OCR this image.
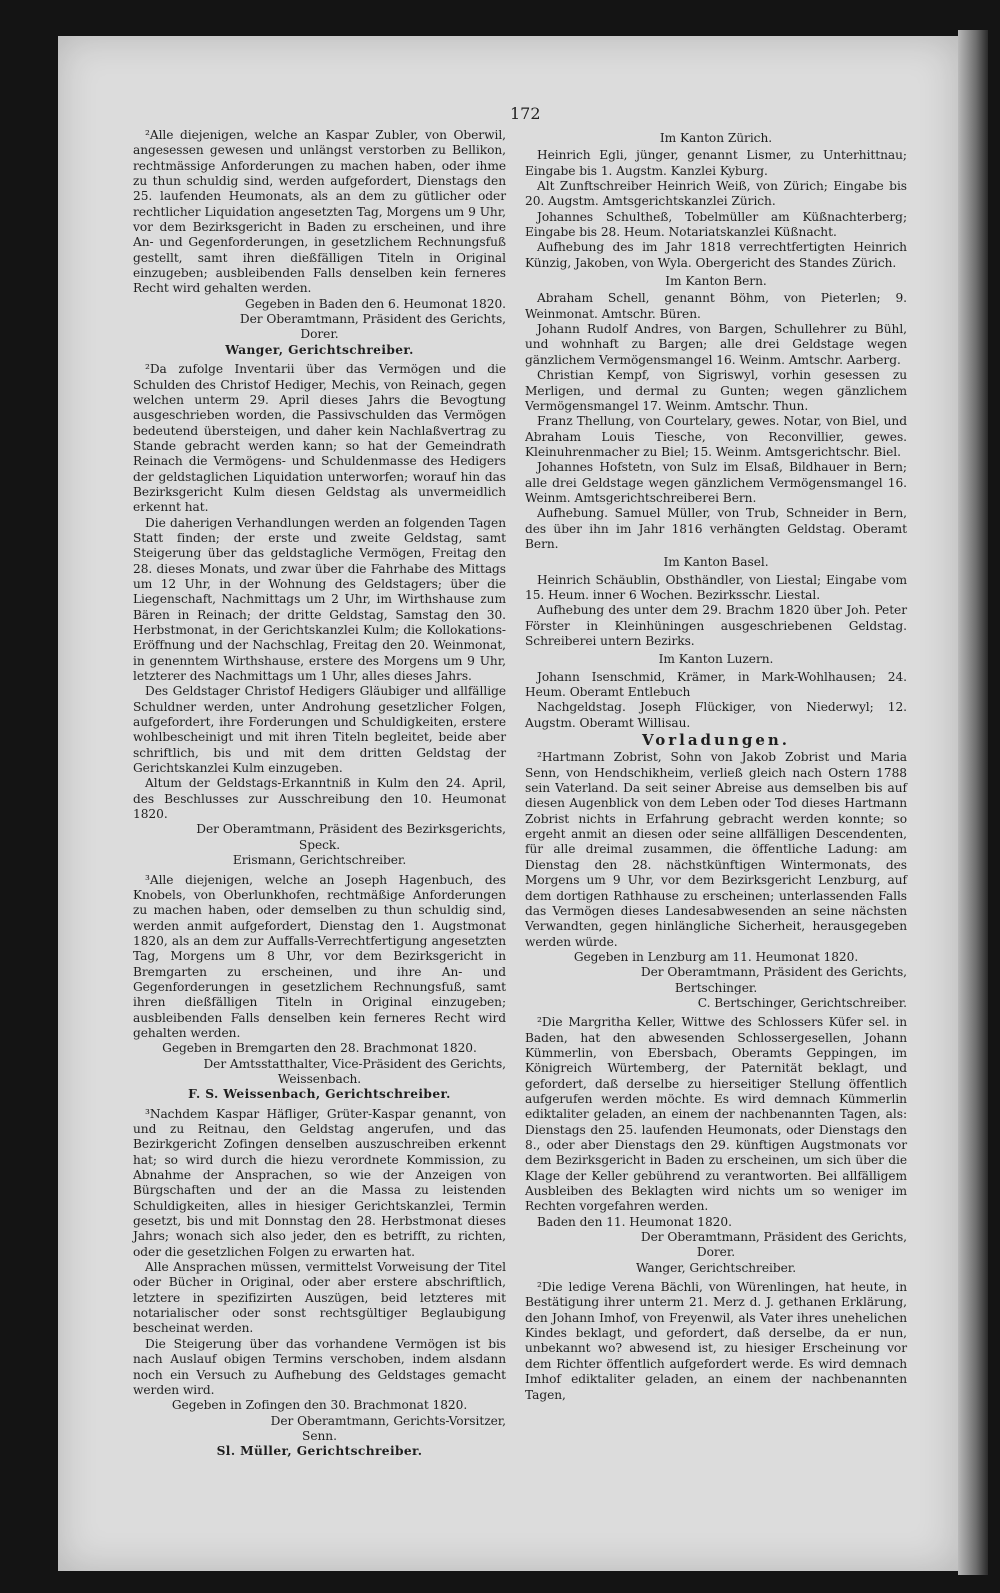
172

²Alle diejenigen, welche an Kaspar Zubler, von Oberwil, angesessen gewesen und unlängst verstorben zu Bellikon, rechtmässige Anforderungen zu machen haben, oder ihme zu thun schuldig sind, werden aufgefordert, Dienstags den 25. laufenden Heumonats, als an dem zu gütlicher oder rechtlicher Liquidation angesetzten Tag, Morgens um 9 Uhr, vor dem Bezirksgericht in Baden zu erscheinen, und ihre An- und Gegenforderungen, in gesetzlichem Rechnungsfuß gestellt, samt ihren dießfälligen Titeln in Original einzugeben; ausbleibenden Falls denselben kein ferneres Recht wird gehalten werden.

Gegeben in Baden den 6. Heumonat 1820.

Der Oberamtmann, Präsident des Gerichts,

Dorer.

Wanger, Gerichtschreiber.

²Da zufolge Inventarii über das Vermögen und die Schulden des Christof Hediger, Mechis, von Reinach, gegen welchen unterm 29. April dieses Jahrs die Bevogtung ausgeschrieben worden, die Passivschulden das Vermögen bedeutend übersteigen, und daher kein Nachlaßvertrag zu Stande gebracht werden kann; so hat der Gemeindrath Reinach die Vermögens- und Schuldenmasse des Hedigers der geldstaglichen Liquidation unterworfen; worauf hin das Bezirksgericht Kulm diesen Geldstag als unvermeidlich erkennt hat.

Die daherigen Verhandlungen werden an folgenden Tagen Statt finden; der erste und zweite Geldstag, samt Steigerung über das geldstagliche Vermögen, Freitag den 28. dieses Monats, und zwar über die Fahrhabe des Mittags um 12 Uhr, in der Wohnung des Geldstagers; über die Liegenschaft, Nachmittags um 2 Uhr, im Wirthshause zum Bären in Reinach; der dritte Geldstag, Samstag den 30. Herbstmonat, in der Gerichtskanzlei Kulm; die Kollokations-Eröffnung und der Nachschlag, Freitag den 20. Weinmonat, in genenntem Wirthshause, erstere des Morgens um 9 Uhr, letzterer des Nachmittags um 1 Uhr, alles dieses Jahrs.

Des Geldstager Christof Hedigers Gläubiger und allfällige Schuldner werden, unter Androhung gesetzlicher Folgen, aufgefordert, ihre Forderungen und Schuldigkeiten, erstere wohlbescheinigt und mit ihren Titeln begleitet, beide aber schriftlich, bis und mit dem dritten Geldstag der Gerichtskanzlei Kulm einzugeben.

Altum der Geldstags-Erkanntniß in Kulm den 24. April, des Beschlusses zur Ausschreibung den 10. Heumonat 1820.

Der Oberamtmann, Präsident des Bezirksgerichts,

Speck.

Erismann, Gerichtschreiber.

³Alle diejenigen, welche an Joseph Hagenbuch, des Knobels, von Oberlunkhofen, rechtmäßige Anforderungen zu machen haben, oder demselben zu thun schuldig sind, werden anmit aufgefordert, Dienstag den 1. Augstmonat 1820, als an dem zur Auffalls-Verrechtfertigung angesetzten Tag, Morgens um 8 Uhr, vor dem Bezirksgericht in Bremgarten zu erscheinen, und ihre An- und Gegenforderungen in gesetzlichem Rechnungsfuß, samt ihren dießfälligen Titeln in Original einzugeben; ausbleibenden Falls denselben kein ferneres Recht wird gehalten werden.

Gegeben in Bremgarten den 28. Brachmonat 1820.

Der Amtsstatthalter, Vice-Präsident des Gerichts,

Weissenbach.

F. S. Weissenbach, Gerichtschreiber.

³Nachdem Kaspar Häfliger, Grüter-Kaspar genannt, von und zu Reitnau, den Geldstag angerufen, und das Bezirkgericht Zofingen denselben auszuschreiben erkennt hat; so wird durch die hiezu verordnete Kommission, zu Abnahme der Ansprachen, so wie der Anzeigen von Bürgschaften und der an die Massa zu leistenden Schuldigkeiten, alles in hiesiger Gerichtskanzlei, Termin gesetzt, bis und mit Donnstag den 28. Herbstmonat dieses Jahrs; wonach sich also jeder, den es betrifft, zu richten, oder die gesetzlichen Folgen zu erwarten hat.

Alle Ansprachen müssen, vermittelst Vorweisung der Titel oder Bücher in Original, oder aber erstere abschriftlich, letztere in spezifizirten Auszügen, beid letzteres mit notarialischer oder sonst rechtsgültiger Beglaubigung bescheinat werden.

Die Steigerung über das vorhandene Vermögen ist bis nach Auslauf obigen Termins verschoben, indem alsdann noch ein Versuch zu Aufhebung des Geldstages gemacht werden wird.

Gegeben in Zofingen den 30. Brachmonat 1820.

Der Oberamtmann, Gerichts-Vorsitzer,

Senn.

Sl. Müller, Gerichtschreiber.

Im Kanton Zürich.

Heinrich Egli, jünger, genannt Lismer, zu Unterhittnau; Eingabe bis 1. Augstm. Kanzlei Kyburg.

Alt Zunftschreiber Heinrich Weiß, von Zürich; Eingabe bis 20. Augstm. Amtsgerichtskanzlei Zürich.

Johannes Schultheß, Tobelmüller am Küßnachterberg; Eingabe bis 28. Heum. Notariatskanzlei Küßnacht.

Aufhebung des im Jahr 1818 verrechtfertigten Heinrich Künzig, Jakoben, von Wyla. Obergericht des Standes Zürich.

Im Kanton Bern.

Abraham Schell, genannt Böhm, von Pieterlen; 9. Weinmonat. Amtschr. Büren.

Johann Rudolf Andres, von Bargen, Schullehrer zu Bühl, und wohnhaft zu Bargen; alle drei Geldstage wegen gänzlichem Vermögensmangel 16. Weinm. Amtschr. Aarberg.

Christian Kempf, von Sigriswyl, vorhin gesessen zu Merligen, und dermal zu Gunten; wegen gänzlichem Vermögensmangel 17. Weinm. Amtschr. Thun.

Franz Thellung, von Courtelary, gewes. Notar, von Biel, und Abraham Louis Tiesche, von Reconvillier, gewes. Kleinuhrenmacher zu Biel; 15. Weinm. Amtsgerichtschr. Biel.

Johannes Hofstetn, von Sulz im Elsaß, Bildhauer in Bern; alle drei Geldstage wegen gänzlichem Vermögensmangel 16. Weinm. Amtsgerichtschreiberei Bern.

Aufhebung. Samuel Müller, von Trub, Schneider in Bern, des über ihn im Jahr 1816 verhängten Geldstag. Oberamt Bern.

Im Kanton Basel.

Heinrich Schäublin, Obsthändler, von Liestal; Eingabe vom 15. Heum. inner 6 Wochen. Bezirksschr. Liestal.

Aufhebung des unter dem 29. Brachm 1820 über Joh. Peter Förster in Kleinhüningen ausgeschriebenen Geldstag. Schreiberei untern Bezirks.

Im Kanton Luzern.

Johann Isenschmid, Krämer, in Mark-Wohlhausen; 24. Heum. Oberamt Entlebuch

Nachgeldstag. Joseph Flückiger, von Niederwyl; 12. Augstm. Oberamt Willisau.

Vorladungen.

²Hartmann Zobrist, Sohn von Jakob Zobrist und Maria Senn, von Hendschikheim, verließ gleich nach Ostern 1788 sein Vaterland. Da seit seiner Abreise aus demselben bis auf diesen Augenblick von dem Leben oder Tod dieses Hartmann Zobrist nichts in Erfahrung gebracht werden konnte; so ergeht anmit an diesen oder seine allfälligen Descendenten, für alle dreimal zusammen, die öffentliche Ladung: am Dienstag den 28. nächstkünftigen Wintermonats, des Morgens um 9 Uhr, vor dem Bezirksgericht Lenzburg, auf dem dortigen Rathhause zu erscheinen; unterlassenden Falls das Vermögen dieses Landesabwesenden an seine nächsten Verwandten, gegen hinlängliche Sicherheit, herausgegeben werden würde.

Gegeben in Lenzburg am 11. Heumonat 1820.

Der Oberamtmann, Präsident des Gerichts,

Bertschinger.

C. Bertschinger, Gerichtschreiber.

²Die Margritha Keller, Wittwe des Schlossers Küfer sel. in Baden, hat den abwesenden Schlossergesellen, Johann Kümmerlin, von Ebersbach, Oberamts Geppingen, im Königreich Würtemberg, der Paternität beklagt, und gefordert, daß derselbe zu hierseitiger Stellung öffentlich aufgerufen werden möchte. Es wird demnach Kümmerlin ediktaliter geladen, an einem der nachbenannten Tagen, als: Dienstags den 25. laufenden Heumonats, oder Dienstags den 8., oder aber Dienstags den 29. künftigen Augstmonats vor dem Bezirksgericht in Baden zu erscheinen, um sich über die Klage der Keller gebührend zu verantworten. Bei allfälligem Ausbleiben des Beklagten wird nichts um so weniger im Rechten vorgefahren werden.

Baden den 11. Heumonat 1820.

Der Oberamtmann, Präsident des Gerichts,

Dorer.

Wanger, Gerichtschreiber.

²Die ledige Verena Bächli, von Würenlingen, hat heute, in Bestätigung ihrer unterm 21. Merz d. J. gethanen Erklärung, den Johann Imhof, von Freyenwil, als Vater ihres unehelichen Kindes beklagt, und gefordert, daß derselbe, da er nun, unbekannt wo? abwesend ist, zu hiesiger Erscheinung vor dem Richter öffentlich aufgefordert werde. Es wird demnach Imhof ediktaliter geladen, an einem der nachbenannten Tagen,
